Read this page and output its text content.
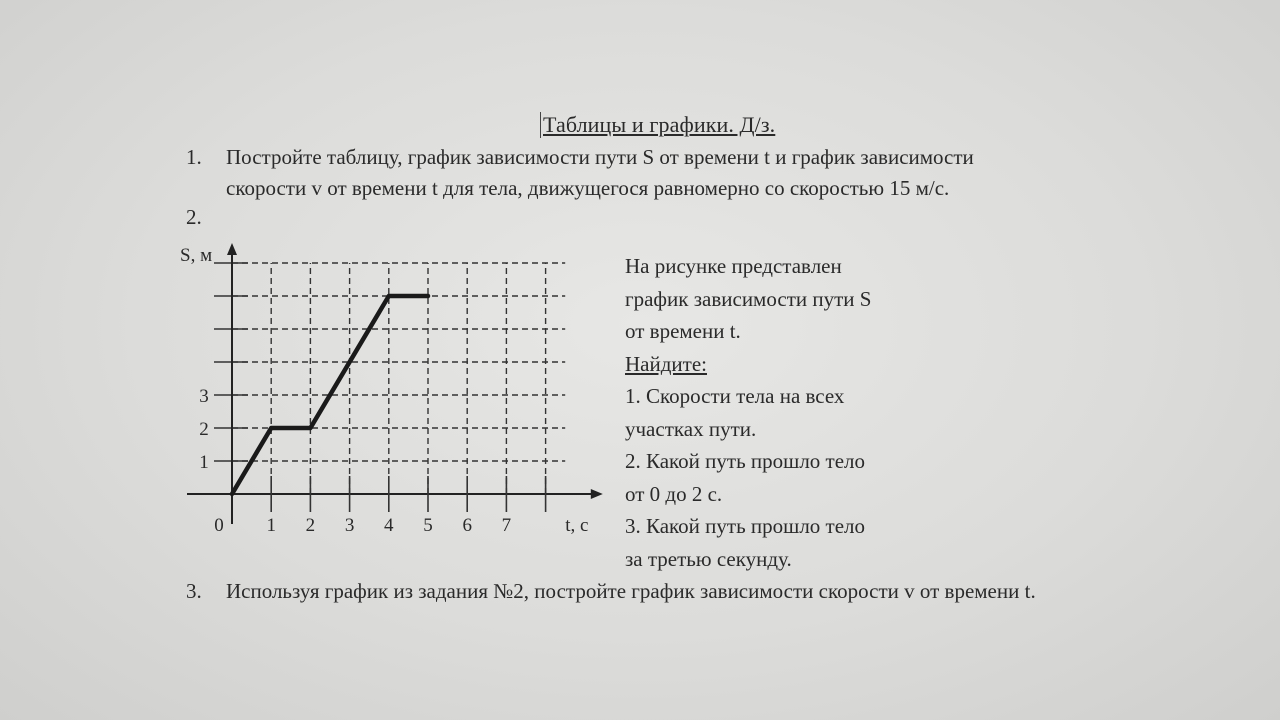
Таблицы и графики. Д/з.
1. Постройте таблицу, график зависимости пути S от времени t и график зависимости
скорости v от времени t для тела, движущегося равномерно со скоростью 15 м/с.
2.
1 2 3 4 5 6 7
1
2
3
0	t, c
S, м	На рисунке представлен
график зависимости пути S
от времени t.
Найдите:
1. Скорости тела на всех
участках пути.
2. Какой путь прошло тело
от 0 до 2 с.
3. Какой путь прошло тело
за третью секунду.
3. Используя график из задания №2, постройте график зависимости скорости v от времени t.
